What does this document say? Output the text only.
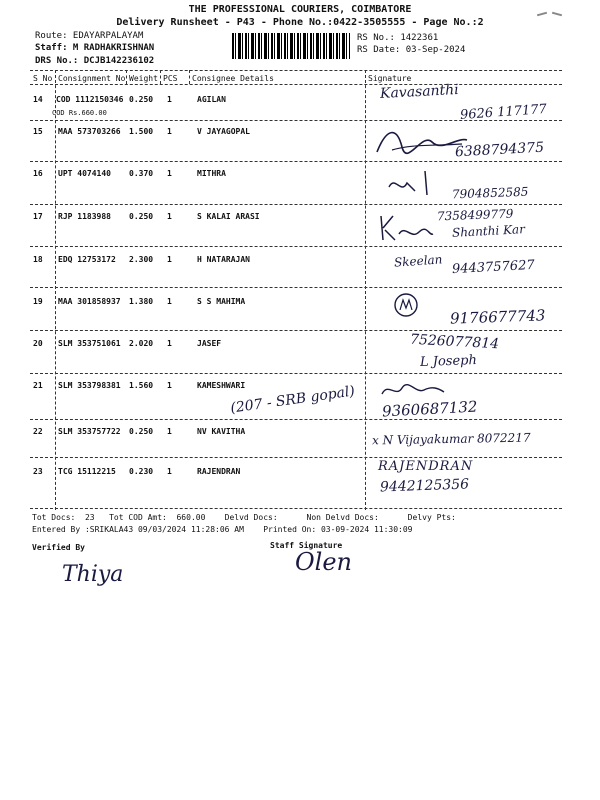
THE PROFESSIONAL COURIERS, COIMBATORE
Delivery Runsheet - P43 - Phone No.:0422-3505555 - Page No.:2
Route: EDAYARPALAYAM
Staff: M RADHAKRISHNAN
DRS No.: DCJB142236102
RS No.: 1422361
RS Date: 03-Sep-2024
S No Consignment No Weight PCS Consignee Details	Signature
14 COD 1112150346 0.250 1	AGILAN
COD Rs.660.00
Kavasanthi
9626 117177
15 MAA 573703266 1.500 1	V JAYAGOPAL
6388794375
16 UPT 4074140 0.370 1	MITHRA
7904852585
17 RJP 1183988 0.250 1	S KALAI ARASI	7358499779
Shanthi Kar
18 EDQ 12753172 2.300 1	H NATARAJAN	Skeelan 9443757627
19 MAA 301858937 1.380 1	S S MAHIMA
9176677743
20 SLM 353751061 2.020 1	JASEF	7526077814
L Joseph
21 SLM 353798381 1.560 1	KAMESHWARI
(207 - SRB gopal) 9360687132
22 SLM 353757722 0.250 1	NV KAVITHA	x N Vijayakumar 8072217
23 TCG 15112215 0.230 1	RAJENDRAN	RAJENDRAN
9442125356
Tot Docs:  23   Tot COD Amt:  660.00    Delvd Docs:      Non Delvd Docs:      Delvy Pts:
Entered By :SRIKALA43 09/03/2024 11:28:06 AM    Printed On: 03-09-2024 11:30:09
Verified By	Staff Signature
Thiya	Olen
